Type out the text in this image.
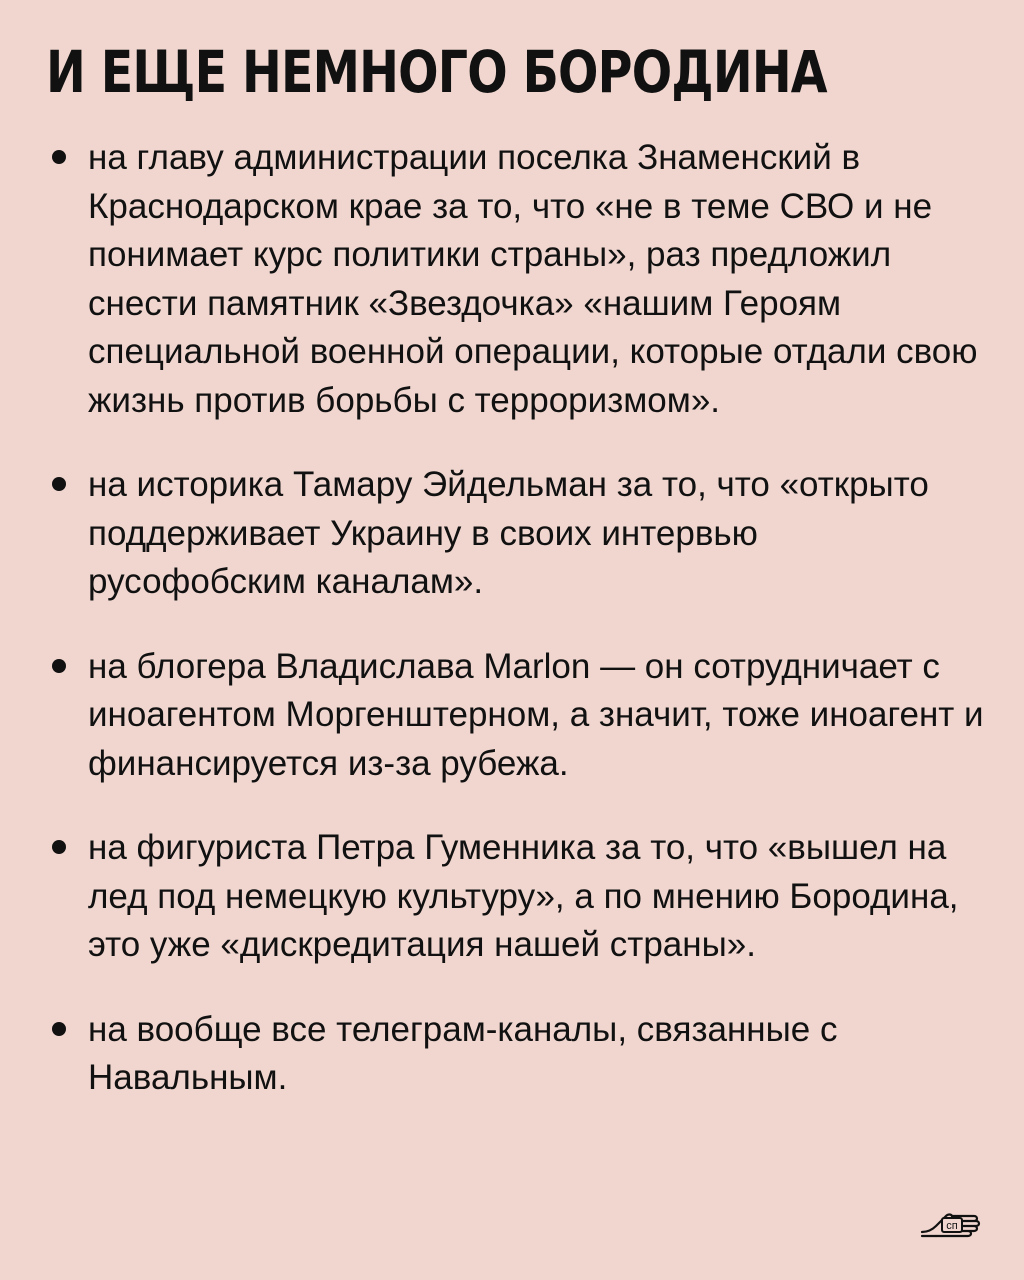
И ЕЩЕ НЕМНОГО БОРОДИНА
на главу администрации поселка Знаменский в Краснодарском крае за то, что «не в теме СВО и не понимает курс политики страны», раз предложил снести памятник «Звездочка» «нашим Героям специальной военной операции, которые отдали свою жизнь против борьбы с терроризмом».
на историка Тамару Эйдельман за то, что «открыто поддерживает Украину в своих интервью русофобским каналам».
на блогера Владислава Marlon — он сотрудничает с иноагентом Моргенштерном, а значит, тоже иноагент и финансируется из-за рубежа.
на фигуриста Петра Гуменника за то, что «вышел на лед под немецкую культуру», а по мнению Бородина, это уже «дискредитация нашей страны».
на вообще все телеграм-каналы, связанные с Навальным.
сп
